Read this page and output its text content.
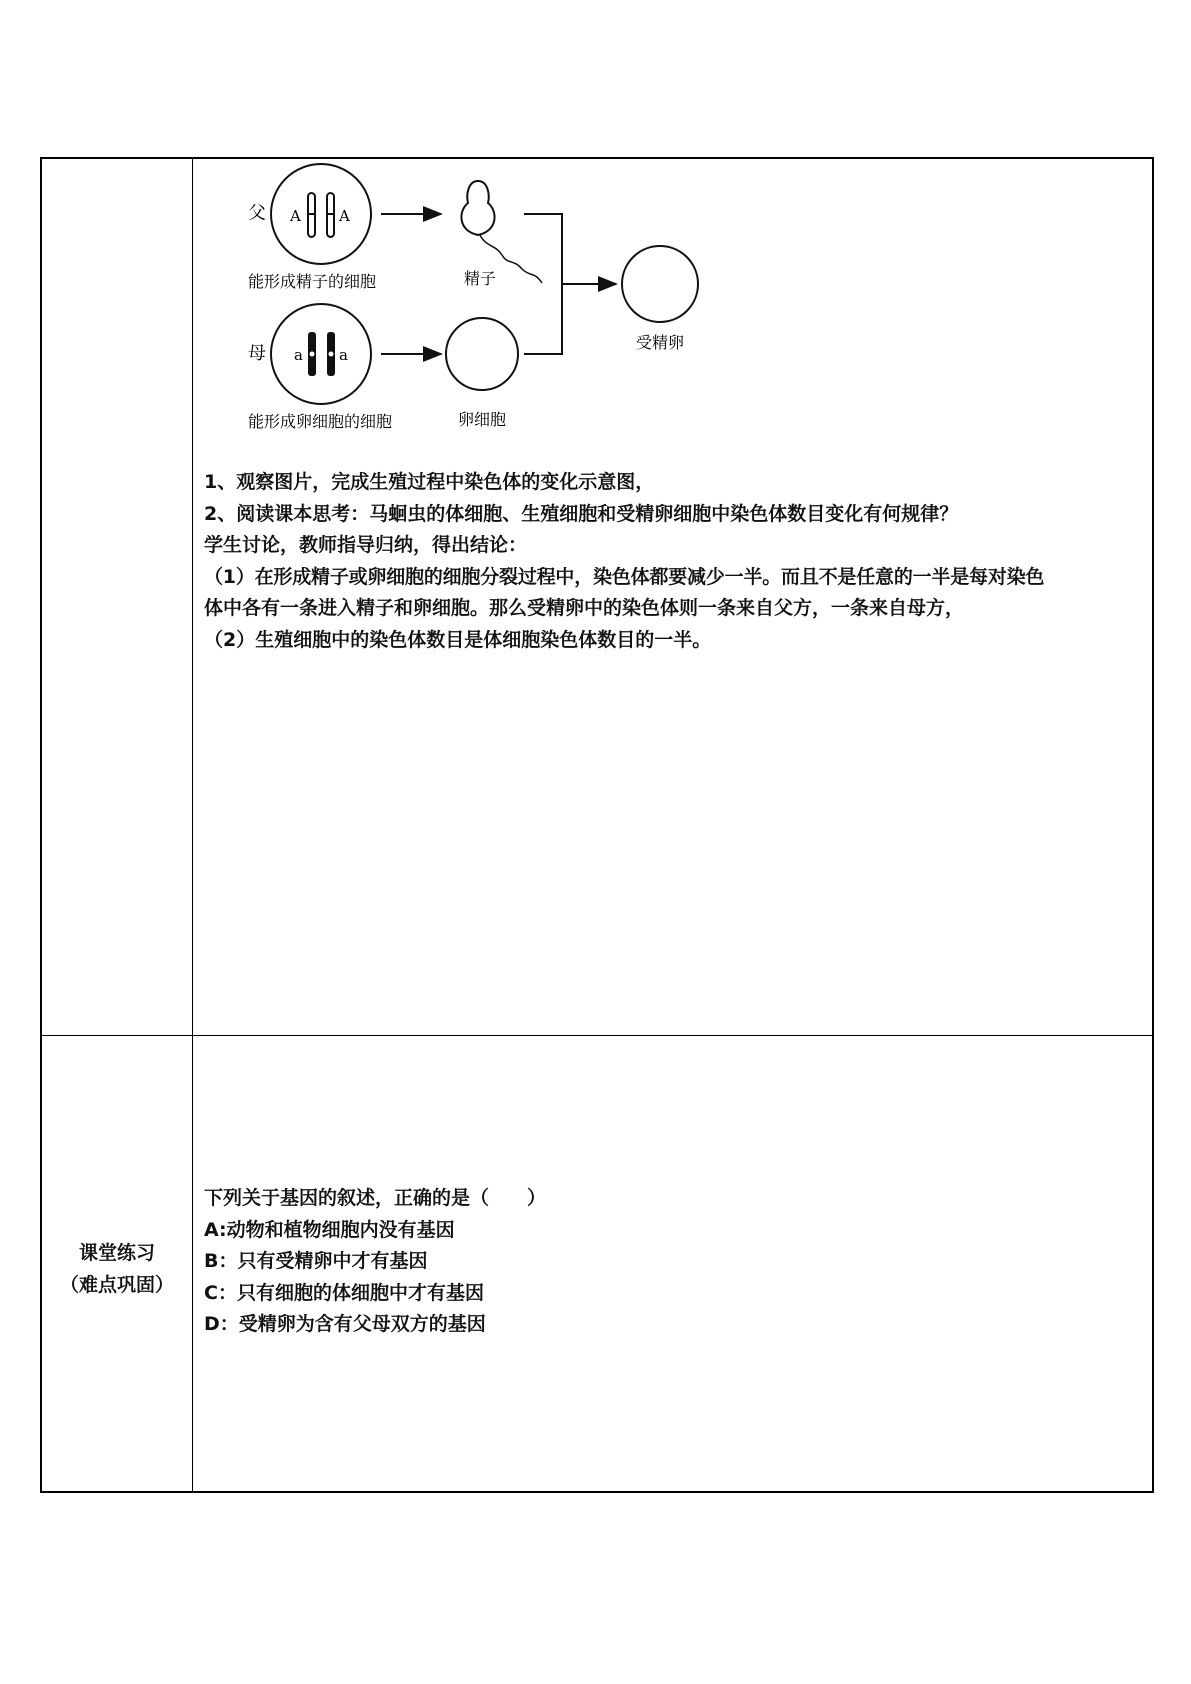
父 A	A
能形成精子的细胞	精子
母 a a
能形成卵细胞的细胞	卵细胞
受精卵

1、观察图片，完成生殖过程中染色体的变化示意图，

2、阅读课本思考：马蛔虫的体细胞、生殖细胞和受精卵细胞中染色体数目变化有何规律？

学生讨论，教师指导归纳，得出结论：

（1）在形成精子或卵细胞的细胞分裂过程中，染色体都要减少一半。而且不是任意的一半是每对染色

体中各有一条进入精子和卵细胞。那么受精卵中的染色体则一条来自父方，一条来自母方，

（2）生殖细胞中的染色体数目是体细胞染色体数目的一半。

课堂练习
（难点巩固）

下列关于基因的叙述，正确的是（　　）

A:动物和植物细胞内没有基因

B：只有受精卵中才有基因

C：只有细胞的体细胞中才有基因

D：受精卵为含有父母双方的基因
